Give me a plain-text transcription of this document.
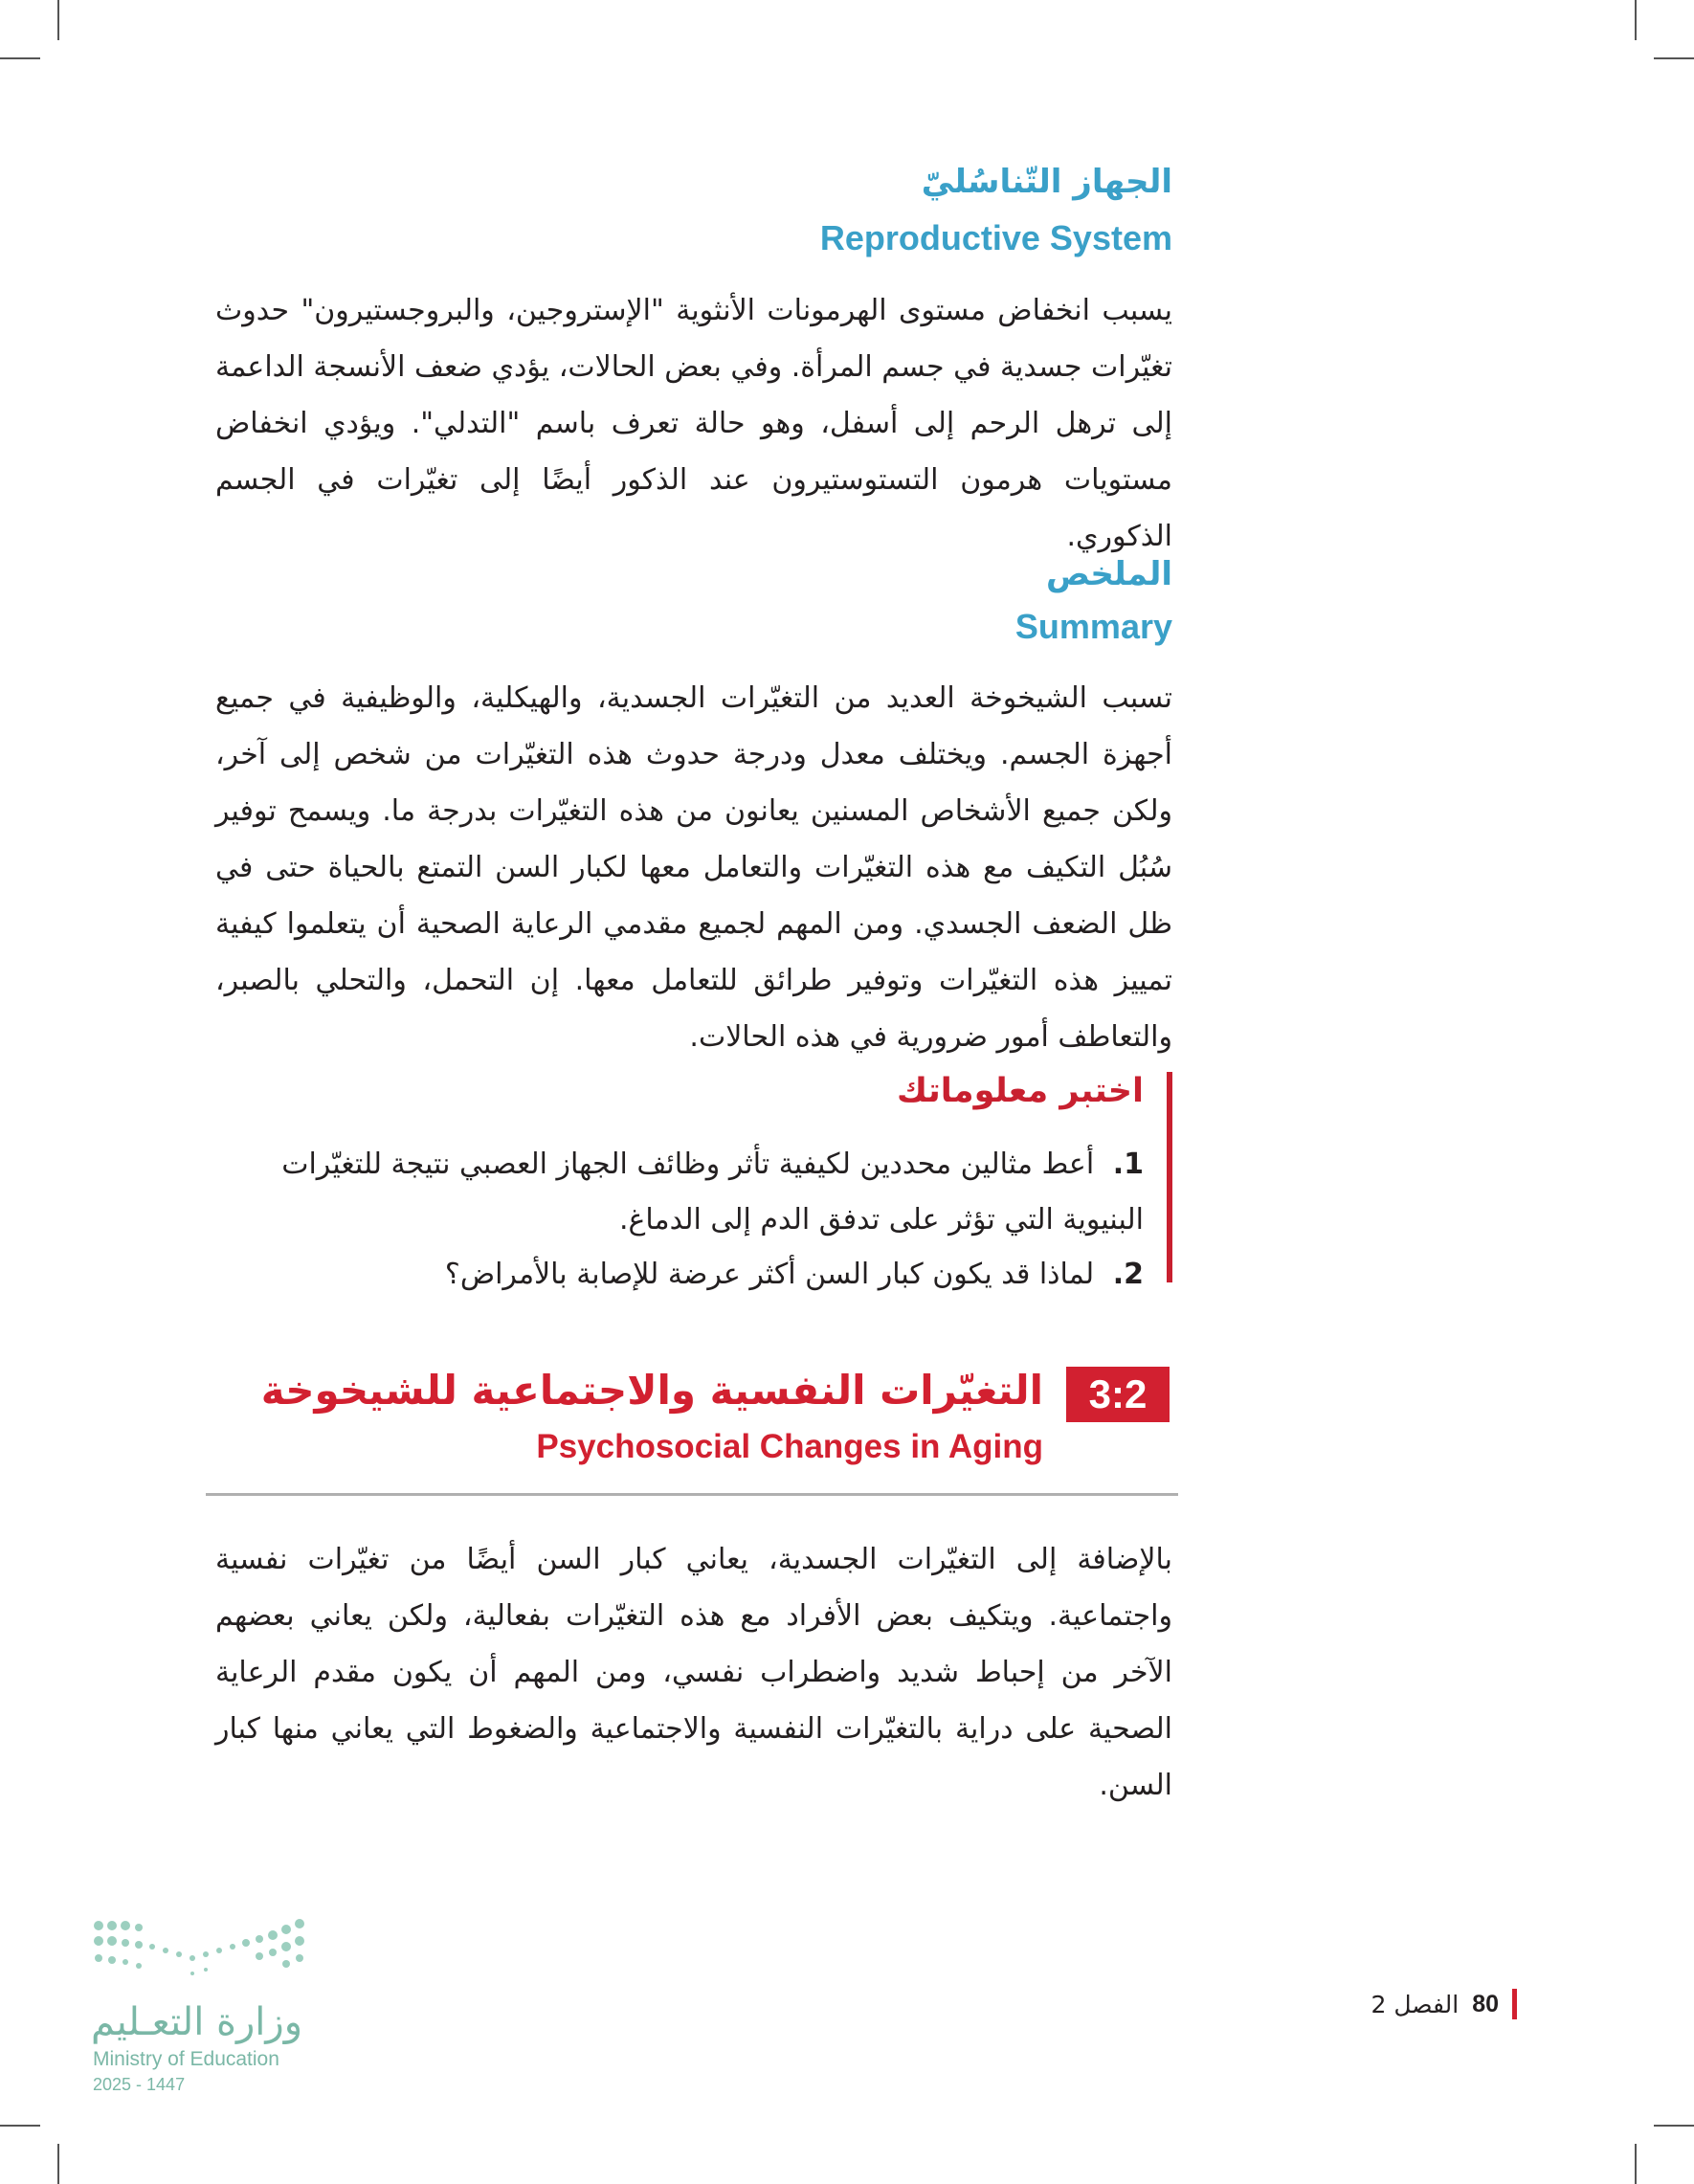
الجهاز التّناسُليّ
Reproductive System

يسبب انخفاض مستوى الهرمونات الأنثوية "الإستروجين، والبروجستيرون" حدوث تغيّرات جسدية في جسم المرأة. وفي بعض الحالات، يؤدي ضعف الأنسجة الداعمة إلى ترهل الرحم إلى أسفل، وهو حالة تعرف باسم "التدلي". ويؤدي انخفاض مستويات هرمون التستوستيرون عند الذكور أيضًا إلى تغيّرات في الجسم الذكوري.

الملخص
Summary

تسبب الشيخوخة العديد من التغيّرات الجسدية، والهيكلية، والوظيفية في جميع أجهزة الجسم. ويختلف معدل ودرجة حدوث هذه التغيّرات من شخص إلى آخر، ولكن جميع الأشخاص المسنين يعانون من هذه التغيّرات بدرجة ما. ويسمح توفير سُبُل التكيف مع هذه التغيّرات والتعامل معها لكبار السن التمتع بالحياة حتى في ظل الضعف الجسدي. ومن المهم لجميع مقدمي الرعاية الصحية أن يتعلموا كيفية تمييز هذه التغيّرات وتوفير طرائق للتعامل معها. إن التحمل، والتحلي بالصبر، والتعاطف أمور ضرورية في هذه الحالات.

اختبر معلوماتك
1. أعط مثالين محددين لكيفية تأثر وظائف الجهاز العصبي نتيجة للتغيّرات البنيوية التي تؤثر على تدفق الدم إلى الدماغ.
2. لماذا قد يكون كبار السن أكثر عرضة للإصابة بالأمراض؟
3:2
التغيّرات النفسية والاجتماعية للشيخوخة
Psychosocial Changes in Aging

بالإضافة إلى التغيّرات الجسدية، يعاني كبار السن أيضًا من تغيّرات نفسية واجتماعية. ويتكيف بعض الأفراد مع هذه التغيّرات بفعالية، ولكن يعاني بعضهم الآخر من إحباط شديد واضطراب نفسي، ومن المهم أن يكون مقدم الرعاية الصحية على دراية بالتغيّرات النفسية والاجتماعية والضغوط التي يعاني منها كبار السن.

وزارة التعـليم
Ministry of Education
2025 - 1447
80
الفصل 2
